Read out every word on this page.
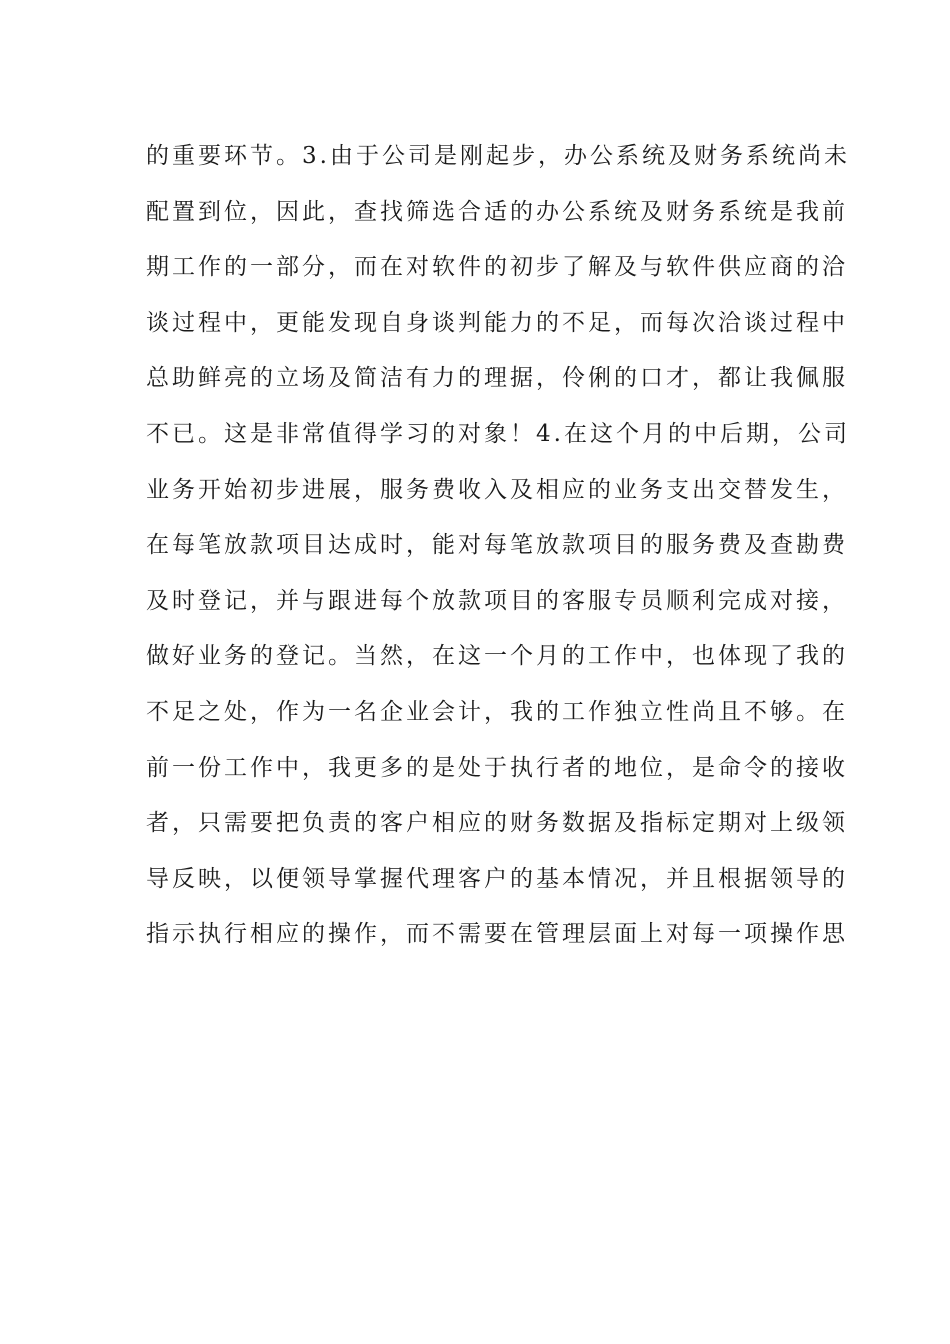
的重要环节。3.由于公司是刚起步，办公系统及财务系统尚未
配置到位，因此，查找筛选合适的办公系统及财务系统是我前
期工作的一部分，而在对软件的初步了解及与软件供应商的洽
谈过程中，更能发现自身谈判能力的不足，而每次洽谈过程中
总助鲜亮的立场及简洁有力的理据，伶俐的口才，都让我佩服
不已。这是非常值得学习的对象！4.在这个月的中后期，公司
业务开始初步进展，服务费收入及相应的业务支出交替发生，
在每笔放款项目达成时，能对每笔放款项目的服务费及查勘费
及时登记，并与跟进每个放款项目的客服专员顺利完成对接，
做好业务的登记。当然，在这一个月的工作中，也体现了我的
不足之处，作为一名企业会计，我的工作独立性尚且不够。在
前一份工作中，我更多的是处于执行者的地位，是命令的接收
者，只需要把负责的客户相应的财务数据及指标定期对上级领
导反映，以便领导掌握代理客户的基本情况，并且根据领导的
指示执行相应的操作，而不需要在管理层面上对每一项操作思
